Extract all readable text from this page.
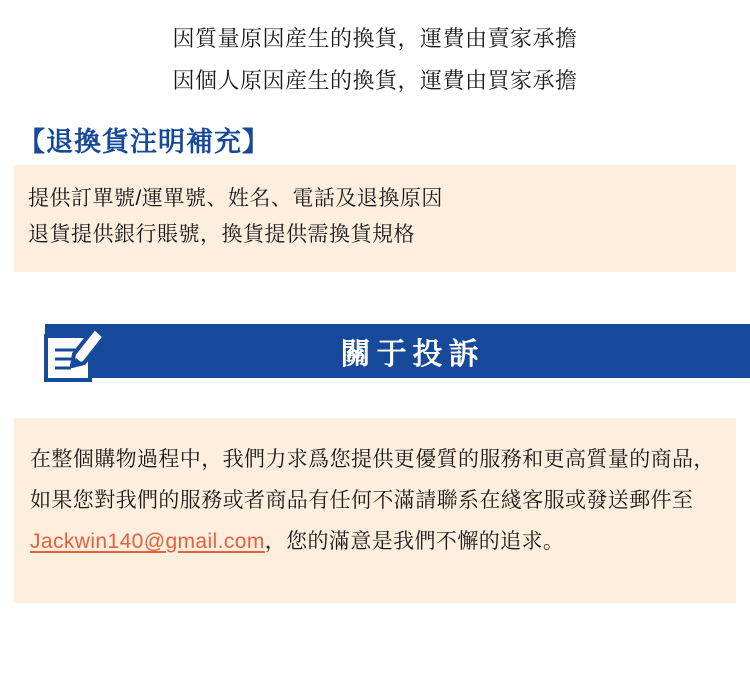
因質量原因産生的換貨，運費由賣家承擔
因個人原因産生的換貨，運費由買家承擔
【退換貨注明補充】
提供訂單號/運單號、姓名、電話及退換原因
退貨提供銀行賬號，換貨提供需換貨規格
關于投訴
在整個購物過程中，我們力求爲您提供更優質的服務和更高質量的商品，如果您對我們的服務或者商品有任何不滿請聯系在綫客服或發送郵件至Jackwin140@gmail.com，您的滿意是我們不懈的追求。
